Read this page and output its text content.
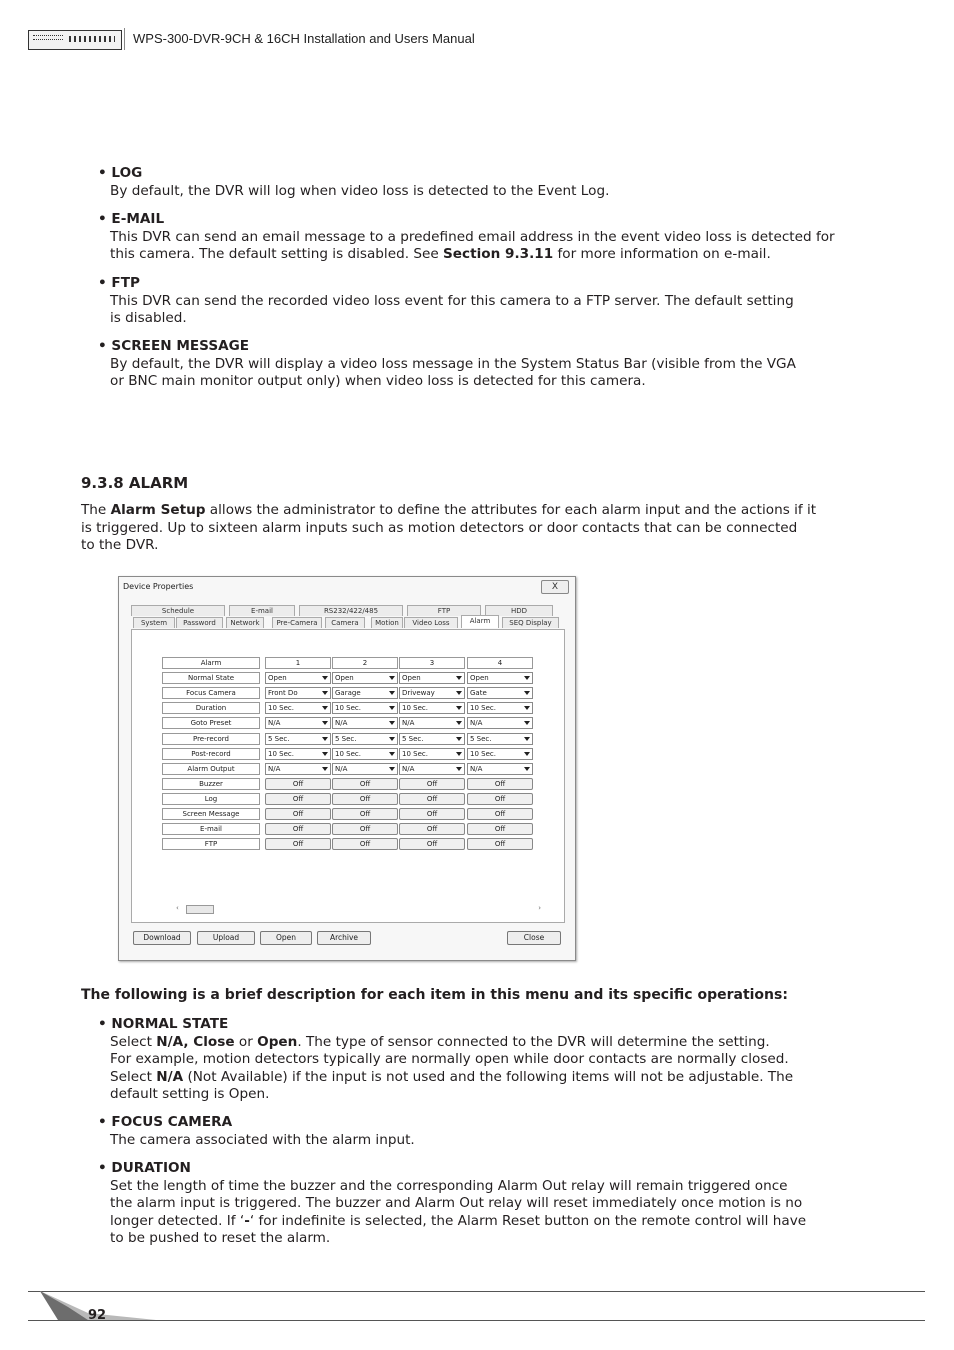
WPS-300-DVR-9CH & 16CH Installation and Users Manual
• LOG
By default, the DVR will log when video loss is detected to the Event Log.
• E-MAIL
This DVR can send an email message to a predefined email address in the event video loss is detected for
this camera. The default setting is disabled. See Section 9.3.11 for more information on e-mail.
• FTP
This DVR can send the recorded video loss event for this camera to a FTP server. The default setting
is disabled.
• SCREEN MESSAGE
By default, the DVR will display a video loss message in the System Status Bar (visible from the VGA
or BNC main monitor output only) when video loss is detected for this camera.
9.3.8 ALARM
The Alarm Setup allows the administrator to define the attributes for each alarm input and the actions if it
is triggered. Up to sixteen alarm inputs such as motion detectors or door contacts that can be connected
to the DVR.
Device Properties	X
Schedule	E-mail	RS232/422/485	FTP	HDD
System	Password	Network	Pre-Camera	Camera	Motion	Video Loss	Alarm	SEQ Display
Alarm	1	2	3	4
Normal State	Open	Open	Open	Open
Focus Camera	Front Do	Garage	Driveway	Gate
Duration	10 Sec.	10 Sec.	10 Sec.	10 Sec.
Goto Preset	N/A	N/A	N/A	N/A
Pre-record	5 Sec.	5 Sec.	5 Sec.	5 Sec.
Post-record	10 Sec.	10 Sec.	10 Sec.	10 Sec.
Alarm Output	N/A	N/A	N/A	N/A
Buzzer	Off	Off	Off	Off
Log	Off	Off	Off	Off
Screen Message	Off	Off	Off	Off
E-mail	Off	Off	Off	Off
FTP	Off	Off	Off	Off
‹	›
Download	Upload	Open	Archive	Close
The following is a brief description for each item in this menu and its specific operations:
• NORMAL STATE
Select N/A, Close or Open. The type of sensor connected to the DVR will determine the setting.
For example, motion detectors typically are normally open while door contacts are normally closed.
Select N/A (Not Available) if the input is not used and the following items will not be adjustable. The
default setting is Open.
• FOCUS CAMERA
The camera associated with the alarm input.
• DURATION
Set the length of time the buzzer and the corresponding Alarm Out relay will remain triggered once
the alarm input is triggered. The buzzer and Alarm Out relay will reset immediately once motion is no
longer detected. If ‘-‘ for indefinite is selected, the Alarm Reset button on the remote control will have
to be pushed to reset the alarm.
92
